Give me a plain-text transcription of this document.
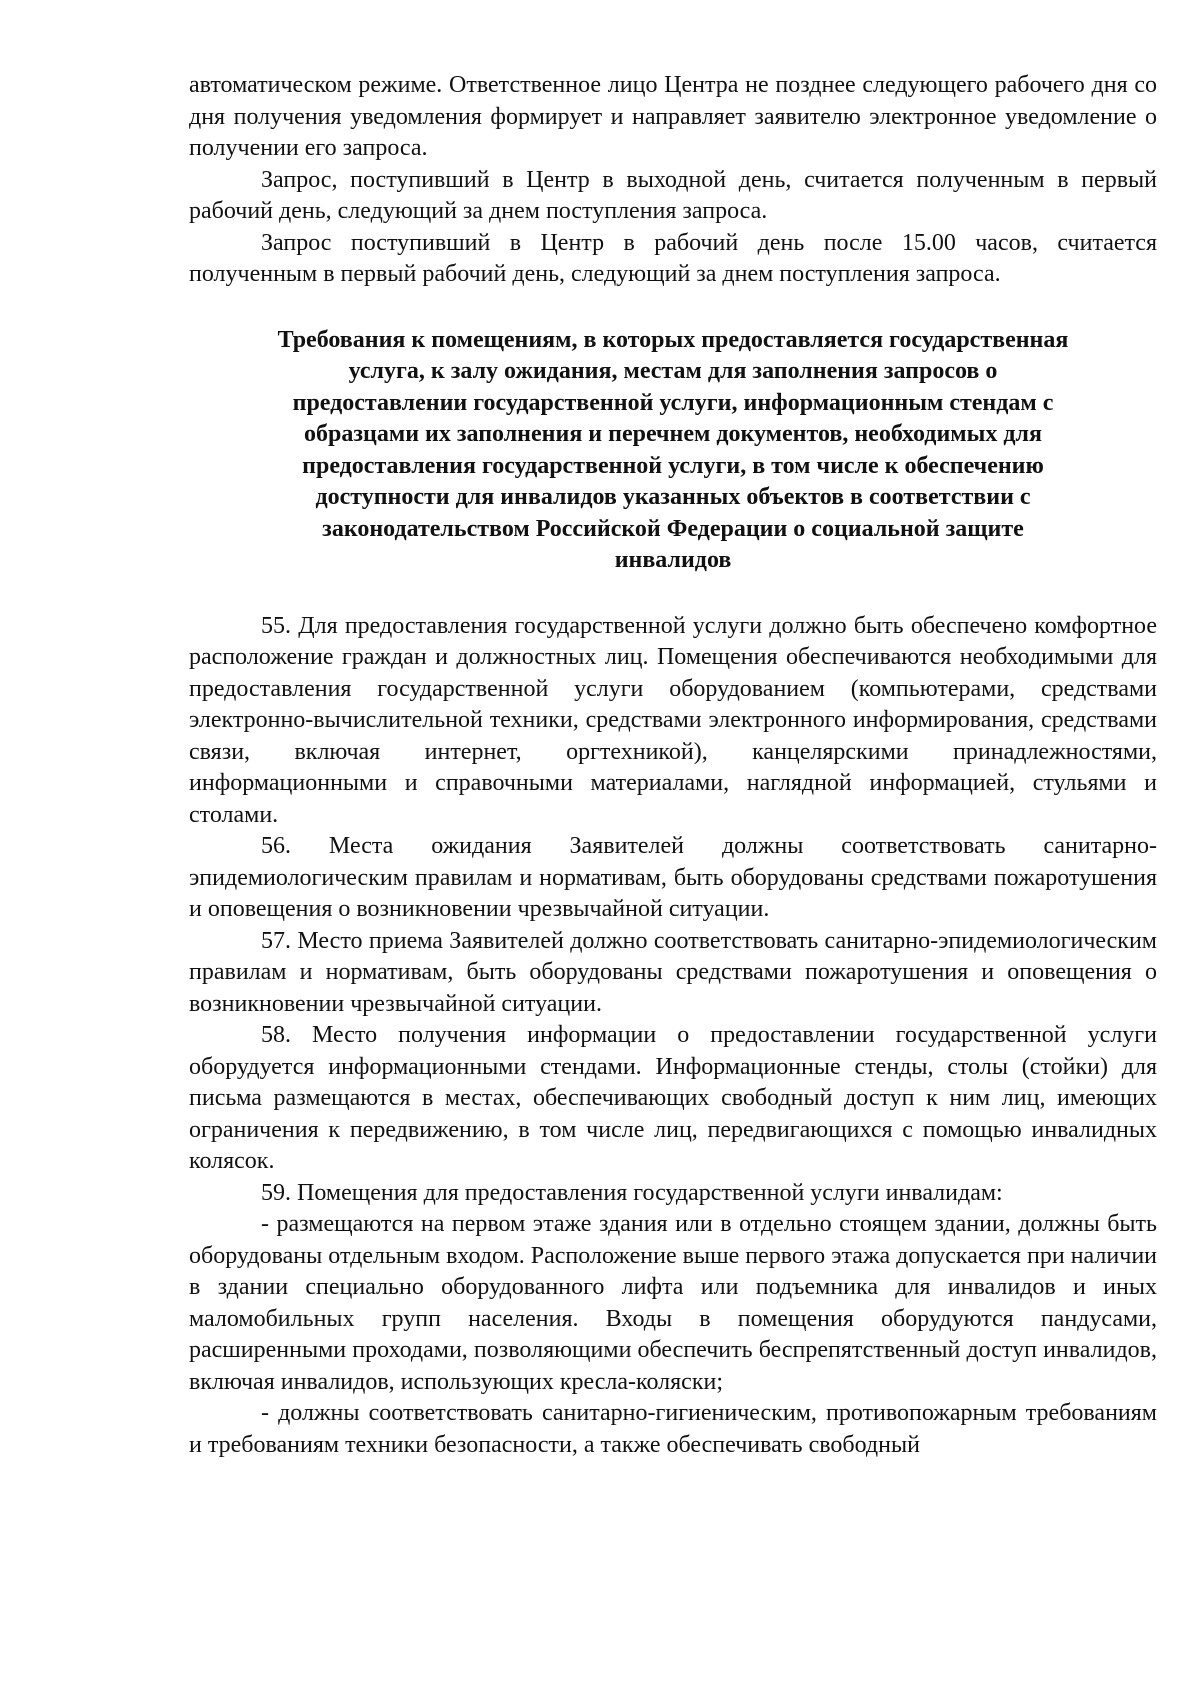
автоматическом режиме. Ответственное лицо Центра не позднее следующего рабочего дня со дня получения уведомления формирует и направляет заявителю электронное уведомление о получении его запроса.

Запрос, поступивший в Центр в выходной день, считается полученным в первый рабочий день, следующий за днем поступления запроса.

Запрос поступивший в Центр в рабочий день после 15.00 часов, считается полученным в первый рабочий день, следующий за днем поступления запроса.

Требования к помещениям, в которых предоставляется государственная
услуга, к залу ожидания, местам для заполнения запросов о
предоставлении государственной услуги, информационным стендам с
образцами их заполнения и перечнем документов, необходимых для
предоставления государственной услуги, в том числе к обеспечению
доступности для инвалидов указанных объектов в соответствии с
законодательством Российской Федерации о социальной защите
инвалидов

55. Для предоставления государственной услуги должно быть обеспечено комфортное расположение граждан и должностных лиц. Помещения обеспечиваются необходимыми для предоставления государственной услуги оборудованием (компьютерами, средствами электронно-вычислительной техники, средствами электронного информирования, средствами связи, включая интернет, оргтехникой), канцелярскими принадлежностями, информационными и справочными материалами, наглядной информацией, стульями и столами.

56. Места ожидания Заявителей должны соответствовать санитарно-эпидемиологическим правилам и нормативам, быть оборудованы средствами пожаротушения и оповещения о возникновении чрезвычайной ситуации.

57. Место приема Заявителей должно соответствовать санитарно-эпидемиологическим правилам и нормативам, быть оборудованы средствами пожаротушения и оповещения о возникновении чрезвычайной ситуации.

58. Место получения информации о предоставлении государственной услуги оборудуется информационными стендами. Информационные стенды, столы (стойки) для письма размещаются в местах, обеспечивающих свободный доступ к ним лиц, имеющих ограничения к передвижению, в том числе лиц, передвигающихся с помощью инвалидных колясок.

59. Помещения для предоставления государственной услуги инвалидам:

- размещаются на первом этаже здания или в отдельно стоящем здании, должны быть оборудованы отдельным входом. Расположение выше первого этажа допускается при наличии в здании специально оборудованного лифта или подъемника для инвалидов и иных маломобильных групп населения. Входы в помещения оборудуются пандусами, расширенными проходами, позволяющими обеспечить беспрепятственный доступ инвалидов, включая инвалидов, использующих кресла-коляски;

- должны соответствовать санитарно-гигиеническим, противопожарным требованиям и требованиям техники безопасности, а также обеспечивать свободный
